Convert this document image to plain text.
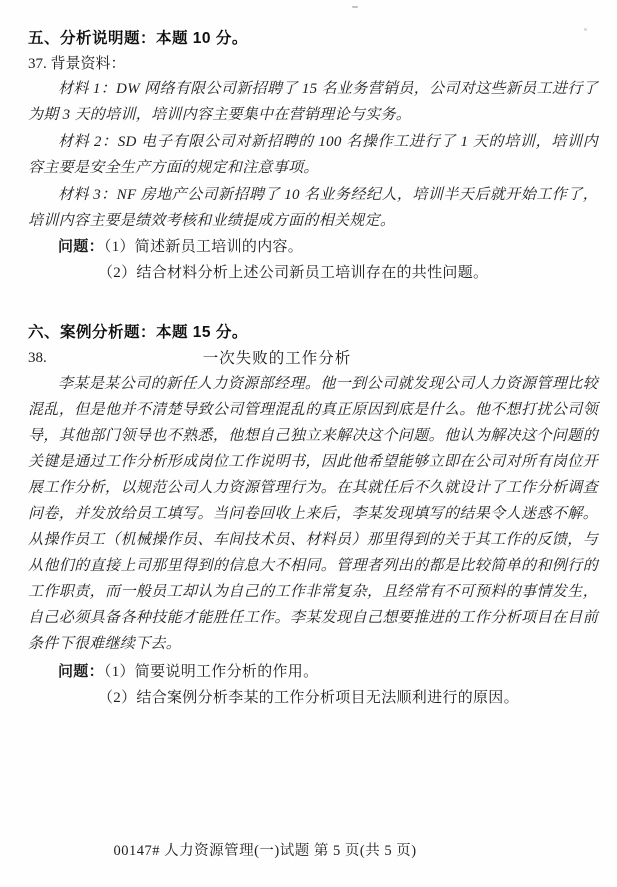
五、分析说明题：本题 10 分。

37. 背景资料：

材料 1：DW 网络有限公司新招聘了 15 名业务营销员，公司对这些新员工进行了为期 3 天的培训，培训内容主要集中在营销理论与实务。

材料 2：SD 电子有限公司对新招聘的 100 名操作工进行了 1 天的培训，培训内容主要是安全生产方面的规定和注意事项。

材料 3：NF 房地产公司新招聘了 10 名业务经纪人，培训半天后就开始工作了，培训内容主要是绩效考核和业绩提成方面的相关规定。

问题：（1）简述新员工培训的内容。

（2）结合材料分析上述公司新员工培训存在的共性问题。

六、案例分析题：本题 15 分。

38.	一次失败的工作分析

李某是某公司的新任人力资源部经理。他一到公司就发现公司人力资源管理比较混乱，但是他并不清楚导致公司管理混乱的真正原因到底是什么。他不想打扰公司领导，其他部门领导也不熟悉，他想自己独立来解决这个问题。他认为解决这个问题的关键是通过工作分析形成岗位工作说明书，因此他希望能够立即在公司对所有岗位开展工作分析，以规范公司人力资源管理行为。在其就任后不久就设计了工作分析调查问卷，并发放给员工填写。当问卷回收上来后，李某发现填写的结果令人迷惑不解。从操作员工（机械操作员、车间技术员、材料员）那里得到的关于其工作的反馈，与从他们的直接上司那里得到的信息大不相同。管理者列出的都是比较简单的和例行的工作职责，而一般员工却认为自己的工作非常复杂，且经常有不可预料的事情发生，自己必须具备各种技能才能胜任工作。李某发现自己想要推进的工作分析项目在目前条件下很难继续下去。

问题：（1）简要说明工作分析的作用。

（2）结合案例分析李某的工作分析项目无法顺利进行的原因。

00147# 人力资源管理(一)试题 第 5 页(共 5 页)
